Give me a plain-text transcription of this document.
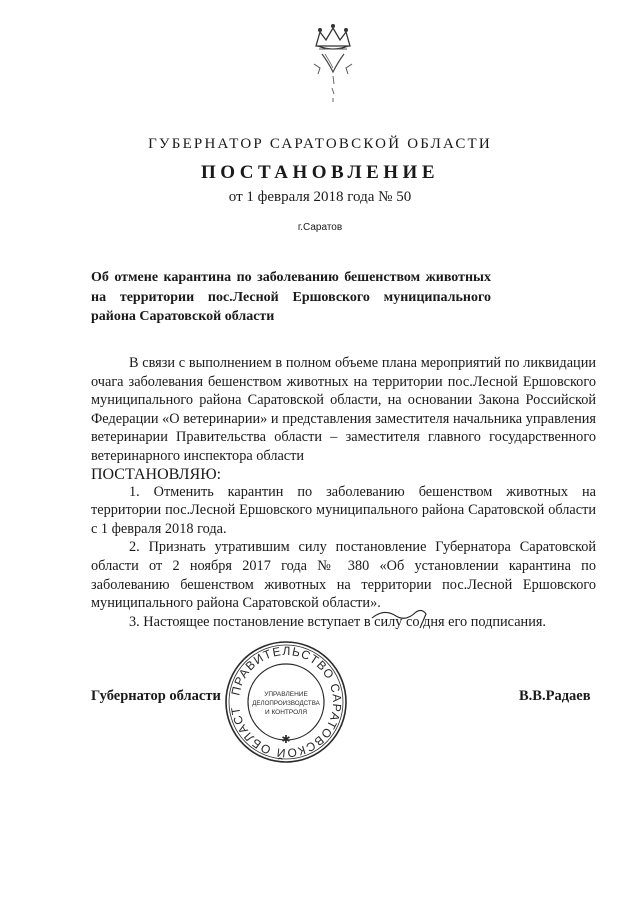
ГУБЕРНАТОР САРАТОВСКОЙ ОБЛАСТИ
ПОСТАНОВЛЕНИЕ
от 1 февраля 2018 года № 50
г.Саратов
Об отмене карантина по заболеванию бешенством животных на территории пос.Лесной Ершовского муниципального района Саратовской области

В связи с выполнением в полном объеме плана мероприятий по ликвидации очага заболевания бешенством животных на территории пос.Лесной Ершовского муниципального района Саратовской области, на основании Закона Российской Федерации «О ветеринарии» и представления заместителя начальника управления ветеринарии Правительства области – заместителя главного государственного ветеринарного инспектора области

ПОСТАНОВЛЯЮ:

1. Отменить карантин по заболеванию бешенством животных на территории пос.Лесной Ершовского муниципального района Саратовской области с 1 февраля 2018 года.

2. Признать утратившим силу постановление Губернатора Саратовской области от 2 ноября 2017 года № 380 «Об установлении карантина по заболеванию бешенством животных на территории пос.Лесной Ершовского муниципального района Саратовской области».

3. Настоящее постановление вступает в силу со дня его подписания.

Губернатор области	В.В.Радаев
ПРАВИТЕЛЬСТВО САРАТОВСКОЙ ОБЛАСТ
✱
УПРАВЛЕНИЕ
ДЕЛОПРОИЗВОДСТВА
И КОНТРОЛЯ
